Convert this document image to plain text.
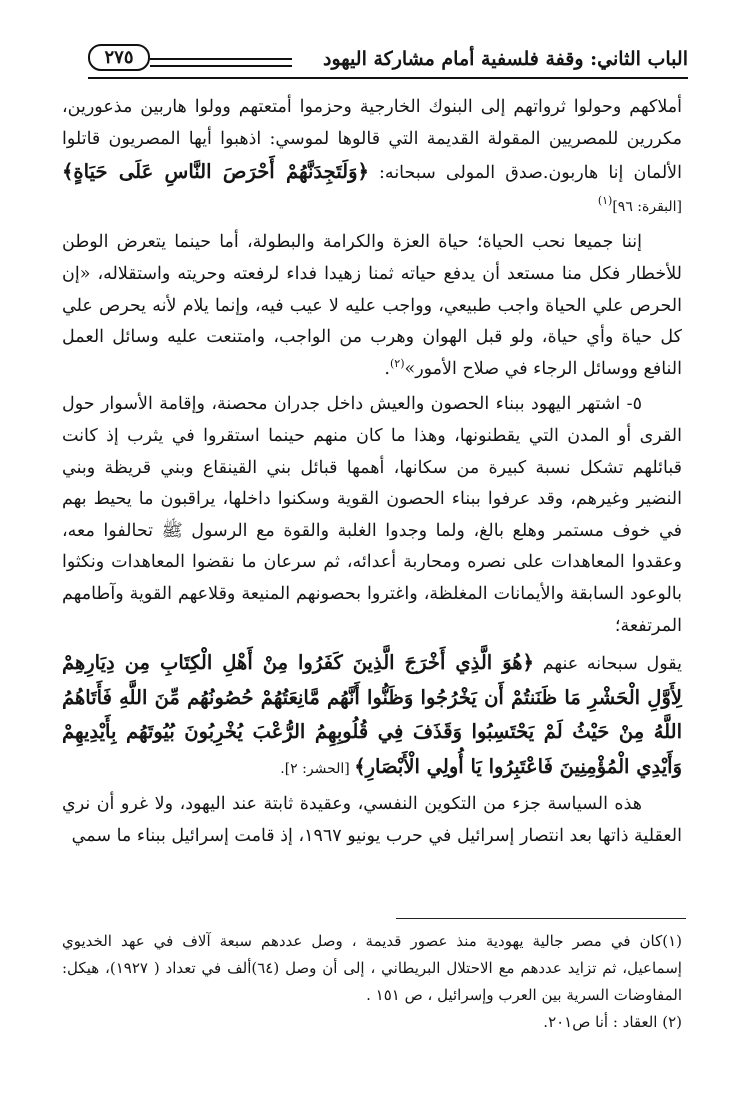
الباب الثاني: وقفة فلسفية أمام مشاركة اليهود
٢٧٥

أملاكهم وحولوا ثرواتهم إلى البنوك الخارجية وحزموا أمتعتهم وولوا هاربين مذعورين، مكررين للمصريين المقولة القديمة التي قالوها لموسي: اذهبوا أيها المصريون قاتلوا الألمان إنا هاربون.صدق المولى سبحانه: ﴿وَلَتَجِدَنَّهُمْ أَحْرَصَ النَّاسِ عَلَى حَيَاةٍ﴾ [البقرة: ٩٦]$^{(١)}$

إننا جميعا نحب الحياة؛ حياة العزة والكرامة والبطولة، أما حينما يتعرض الوطن للأخطار فكل منا مستعد أن يدفع حياته ثمنا زهيدا فداء لرفعته وحريته واستقلاله، «إن الحرص علي الحياة واجب طبيعي، وواجب عليه لا عيب فيه، وإنما يلام لأنه يحرص علي كل حياة وأي حياة، ولو قبل الهوان وهرب من الواجب، وامتنعت عليه وسائل العمل النافع ووسائل الرجاء في صلاح الأمور»$^{(٢)}$.

٥- اشتهر اليهود ببناء الحصون والعيش داخل جدران محصنة، وإقامة الأسوار حول القرى أو المدن التي يقطنونها، وهذا ما كان منهم حينما استقروا في يثرب إذ كانت قبائلهم تشكل نسبة كبيرة من سكانها، أهمها قبائل بني القينقاع وبني قريظة وبني النضير وغيرهم، وقد عرفوا ببناء الحصون القوية وسكنوا داخلها، يراقبون ما يحيط بهم في خوف مستمر وهلع بالغ، ولما وجدوا الغلبة والقوة مع الرسول ﷺ تحالفوا معه، وعقدوا المعاهدات على نصره ومحاربة أعدائه، ثم سرعان ما نقضوا المعاهدات ونكثوا بالوعود السابقة والأيمانات المغلظة، واغتروا بحصونهم المنيعة وقلاعهم القوية وآطامهم المرتفعة؛

يقول سبحانه عنهم ﴿هُوَ الَّذِي أَخْرَجَ الَّذِينَ كَفَرُوا مِنْ أَهْلِ الْكِتَابِ مِن دِيَارِهِمْ لِأَوَّلِ الْحَشْرِ مَا ظَنَنتُمْ أَن يَخْرُجُوا وَظَنُّوا أَنَّهُم مَّانِعَتُهُمْ حُصُونُهُم مِّنَ اللَّهِ فَأَتَاهُمُ اللَّهُ مِنْ حَيْثُ لَمْ يَحْتَسِبُوا وَقَذَفَ فِي قُلُوبِهِمُ الرُّعْبَ يُخْرِبُونَ بُيُوتَهُم بِأَيْدِيهِمْ وَأَيْدِي الْمُؤْمِنِينَ فَاعْتَبِرُوا يَا أُولِي الْأَبْصَارِ﴾ [الحشر: ٢].

هذه السياسة جزء من التكوين النفسي، وعقيدة ثابتة عند اليهود، ولا غرو أن نري العقلية ذاتها بعد انتصار إسرائيل في حرب يونيو ١٩٦٧، إذ قامت إسرائيل ببناء ما سمي

(١)كان في مصر جالية يهودية منذ عصور قديمة ، وصل عددهم سبعة آلاف في عهد الخديوي إسماعيل، ثم تزايد عددهم مع الاحتلال البريطاني ، إلى أن وصل (٦٤)ألف في تعداد ( ١٩٢٧)، هيكل: المفاوضات السرية بين العرب وإسرائيل ، ص ١٥١ .

(٢) العقاد : أنا ص٢٠١.
